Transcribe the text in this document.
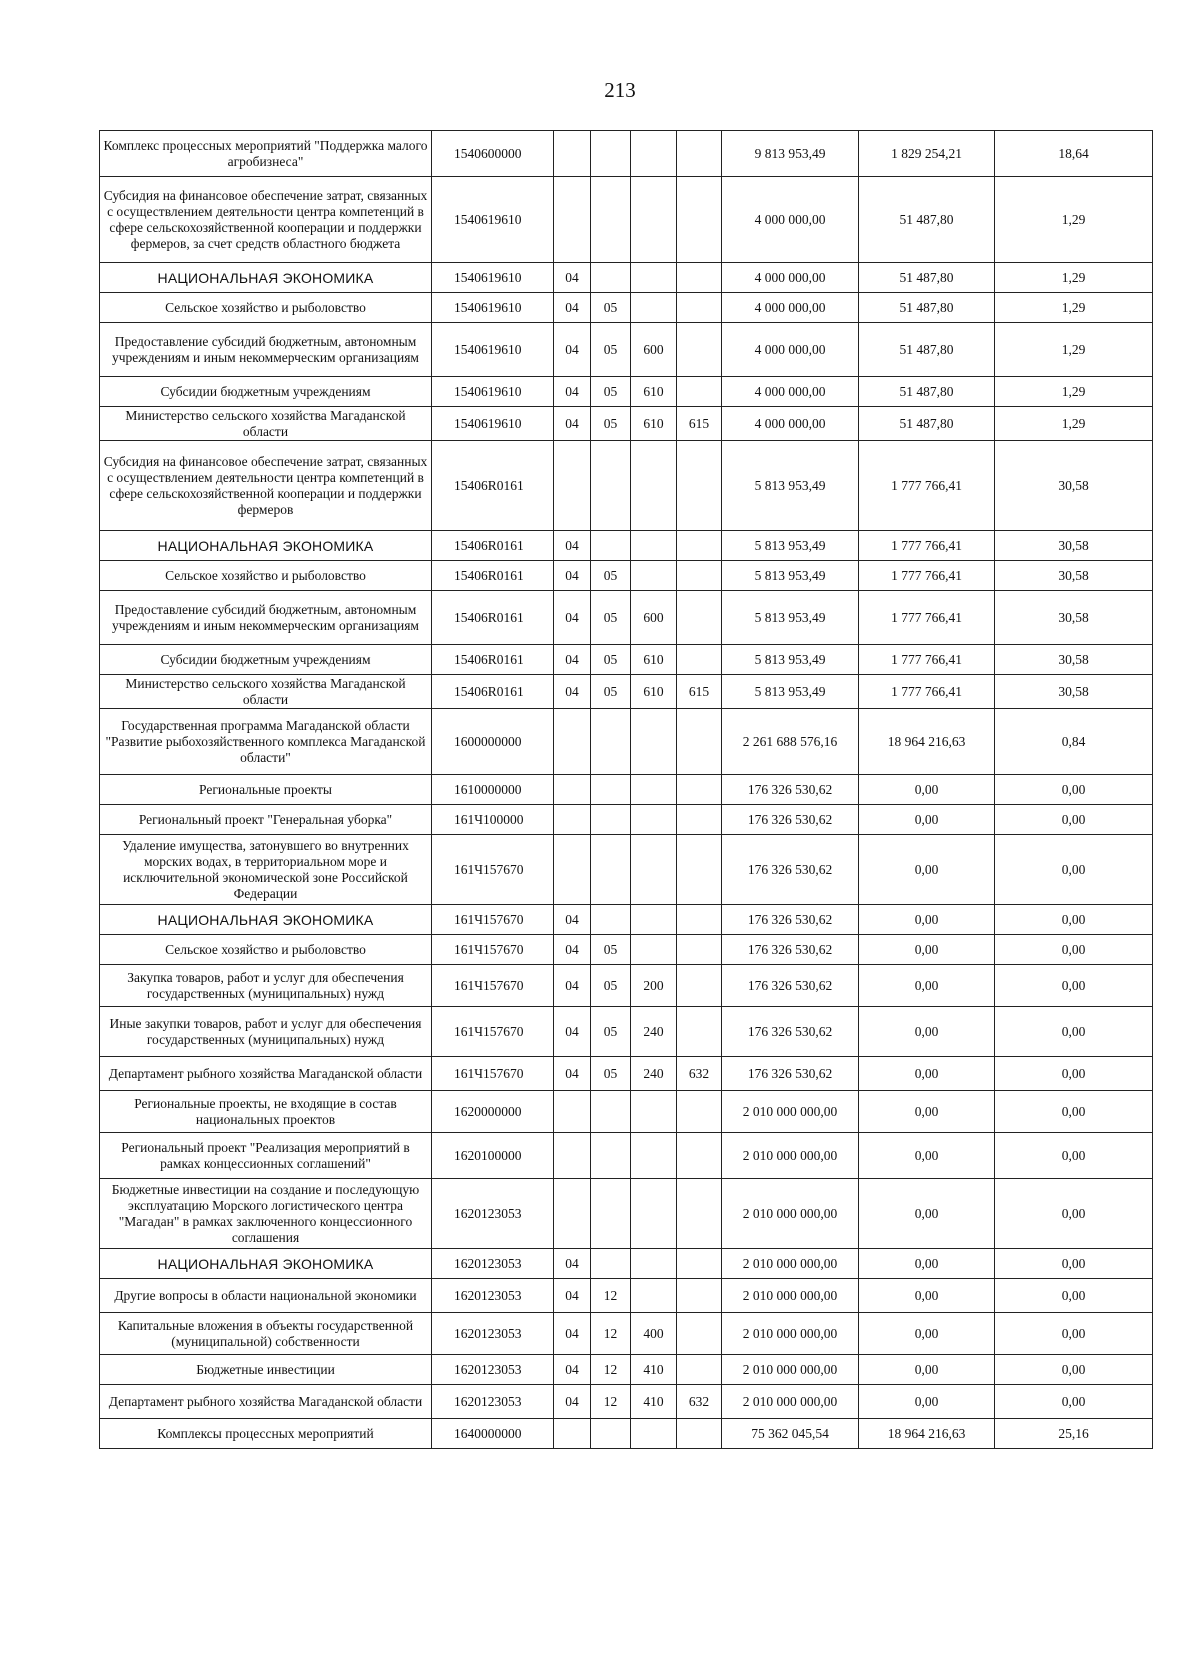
213
Комплекс процессных мероприятий "Поддержка малого агробизнеса"	1540600000					9 813 953,49	1 829 254,21	18,64
Субсидия на финансовое обеспечение затрат, связанных с осуществлением деятельности центра компетенций в сфере сельскохозяйственной кооперации и поддержки фермеров, за счет средств областного бюджета	1540619610					4 000 000,00	51 487,80	1,29
НАЦИОНАЛЬНАЯ ЭКОНОМИКА	1540619610	04				4 000 000,00	51 487,80	1,29
Сельское хозяйство и рыболовство	1540619610	04	05			4 000 000,00	51 487,80	1,29
Предоставление субсидий бюджетным, автономным учреждениям и иным некоммерческим организациям	1540619610	04	05	600		4 000 000,00	51 487,80	1,29
Субсидии бюджетным учреждениям	1540619610	04	05	610		4 000 000,00	51 487,80	1,29
Министерство сельского хозяйства Магаданской области	1540619610	04	05	610	615	4 000 000,00	51 487,80	1,29
Субсидия на финансовое обеспечение затрат, связанных с осуществлением деятельности центра компетенций в сфере сельскохозяйственной кооперации и поддержки фермеров	15406R0161					5 813 953,49	1 777 766,41	30,58
НАЦИОНАЛЬНАЯ ЭКОНОМИКА	15406R0161	04				5 813 953,49	1 777 766,41	30,58
Сельское хозяйство и рыболовство	15406R0161	04	05			5 813 953,49	1 777 766,41	30,58
Предоставление субсидий бюджетным, автономным учреждениям и иным некоммерческим организациям	15406R0161	04	05	600		5 813 953,49	1 777 766,41	30,58
Субсидии бюджетным учреждениям	15406R0161	04	05	610		5 813 953,49	1 777 766,41	30,58
Министерство сельского хозяйства Магаданской области	15406R0161	04	05	610	615	5 813 953,49	1 777 766,41	30,58
Государственная программа Магаданской области "Развитие рыбохозяйственного комплекса Магаданской области"	1600000000					2 261 688 576,16	18 964 216,63	0,84
Региональные проекты	1610000000					176 326 530,62	0,00	0,00
Региональный проект "Генеральная уборка"	161Ч100000					176 326 530,62	0,00	0,00
Удаление имущества, затонувшего во внутренних морских водах, в территориальном море и исключительной экономической зоне Российской Федерации	161Ч157670					176 326 530,62	0,00	0,00
НАЦИОНАЛЬНАЯ ЭКОНОМИКА	161Ч157670	04				176 326 530,62	0,00	0,00
Сельское хозяйство и рыболовство	161Ч157670	04	05			176 326 530,62	0,00	0,00
Закупка товаров, работ и услуг для обеспечения государственных (муниципальных) нужд	161Ч157670	04	05	200		176 326 530,62	0,00	0,00
Иные закупки товаров, работ и услуг для обеспечения государственных (муниципальных) нужд	161Ч157670	04	05	240		176 326 530,62	0,00	0,00
Департамент рыбного хозяйства Магаданской области	161Ч157670	04	05	240	632	176 326 530,62	0,00	0,00
Региональные проекты, не входящие в состав национальных проектов	1620000000					2 010 000 000,00	0,00	0,00
Региональный проект "Реализация мероприятий в рамках концессионных соглашений"	1620100000					2 010 000 000,00	0,00	0,00
Бюджетные инвестиции на создание и последующую эксплуатацию Морского логистического центра "Магадан" в рамках заключенного концессионного соглашения	1620123053					2 010 000 000,00	0,00	0,00
НАЦИОНАЛЬНАЯ ЭКОНОМИКА	1620123053	04				2 010 000 000,00	0,00	0,00
Другие вопросы в области национальной экономики	1620123053	04	12			2 010 000 000,00	0,00	0,00
Капитальные вложения в объекты государственной (муниципальной) собственности	1620123053	04	12	400		2 010 000 000,00	0,00	0,00
Бюджетные инвестиции	1620123053	04	12	410		2 010 000 000,00	0,00	0,00
Департамент рыбного хозяйства Магаданской области	1620123053	04	12	410	632	2 010 000 000,00	0,00	0,00
Комплексы процессных мероприятий	1640000000					75 362 045,54	18 964 216,63	25,16
